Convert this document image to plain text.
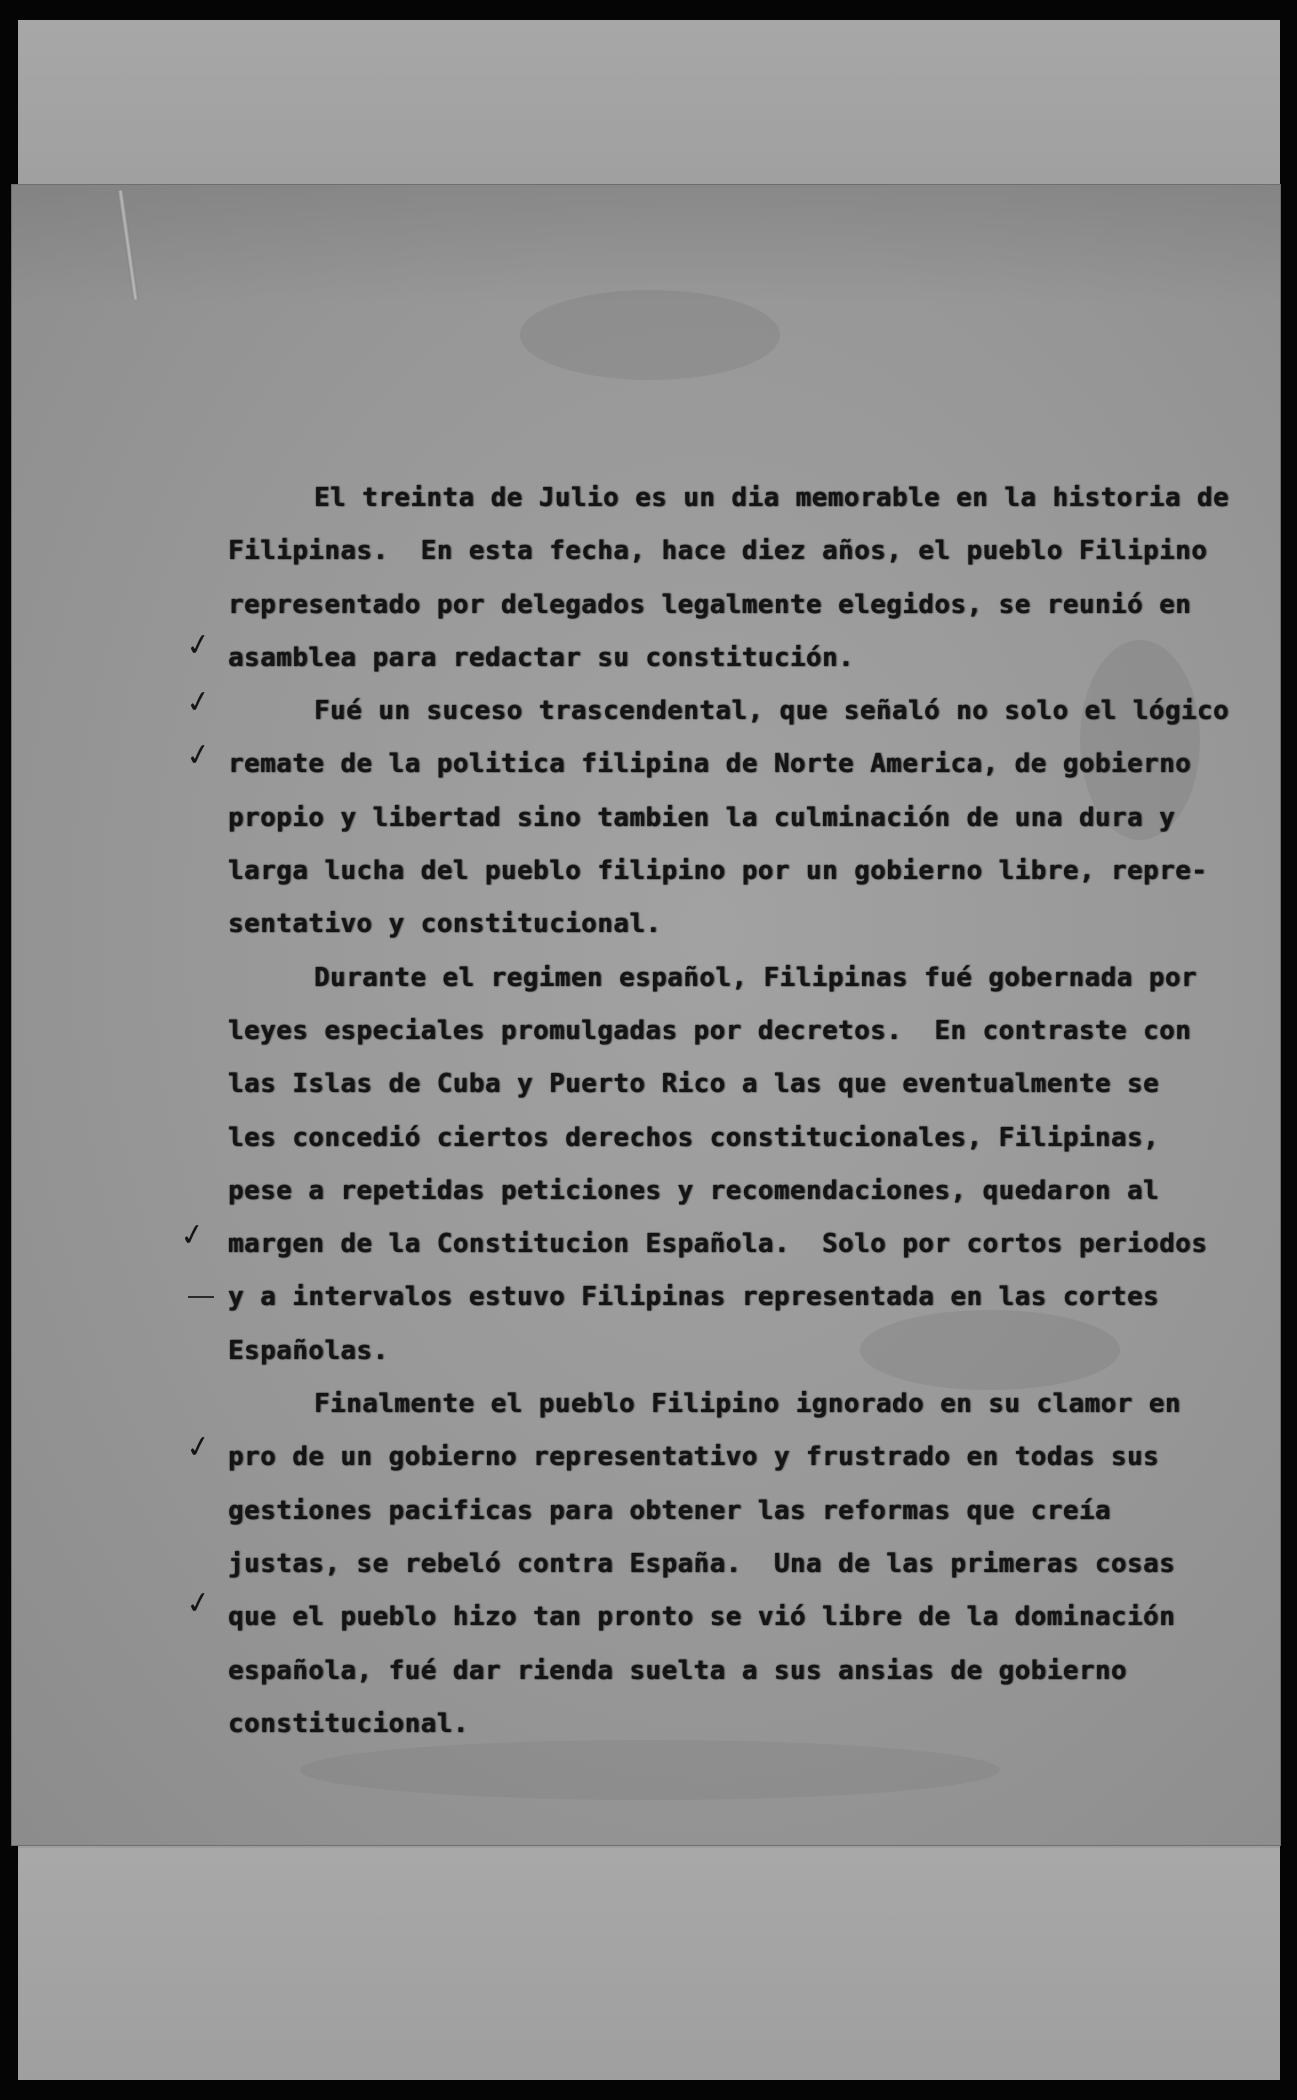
El treinta de Julio es un dia memorable en la historia de
Filipinas.  En esta fecha, hace diez años, el pueblo Filipino
representado por delegados legalmente elegidos, se reunió en
asamblea para redactar su constitución.
Fué un suceso trascendental, que señaló no solo el lógico
remate de la politica filipina de Norte America, de gobierno
propio y libertad sino tambien la culminación de una dura y
larga lucha del pueblo filipino por un gobierno libre, repre-
sentativo y constitucional.
Durante el regimen español, Filipinas fué gobernada por
leyes especiales promulgadas por decretos.  En contraste con
las Islas de Cuba y Puerto Rico a las que eventualmente se
les concedió ciertos derechos constitucionales, Filipinas,
pese a repetidas peticiones y recomendaciones, quedaron al
margen de la Constitucion Española.  Solo por cortos periodos
y a intervalos estuvo Filipinas representada en las cortes
Españolas.
Finalmente el pueblo Filipino ignorado en su clamor en
pro de un gobierno representativo y frustrado en todas sus
gestiones pacificas para obtener las reformas que creía
justas, se rebeló contra España.  Una de las primeras cosas
que el pueblo hizo tan pronto se vió libre de la dominación
española, fué dar rienda suelta a sus ansias de gobierno
constitucional.
✓
✓
✓
✓
✓
✓
